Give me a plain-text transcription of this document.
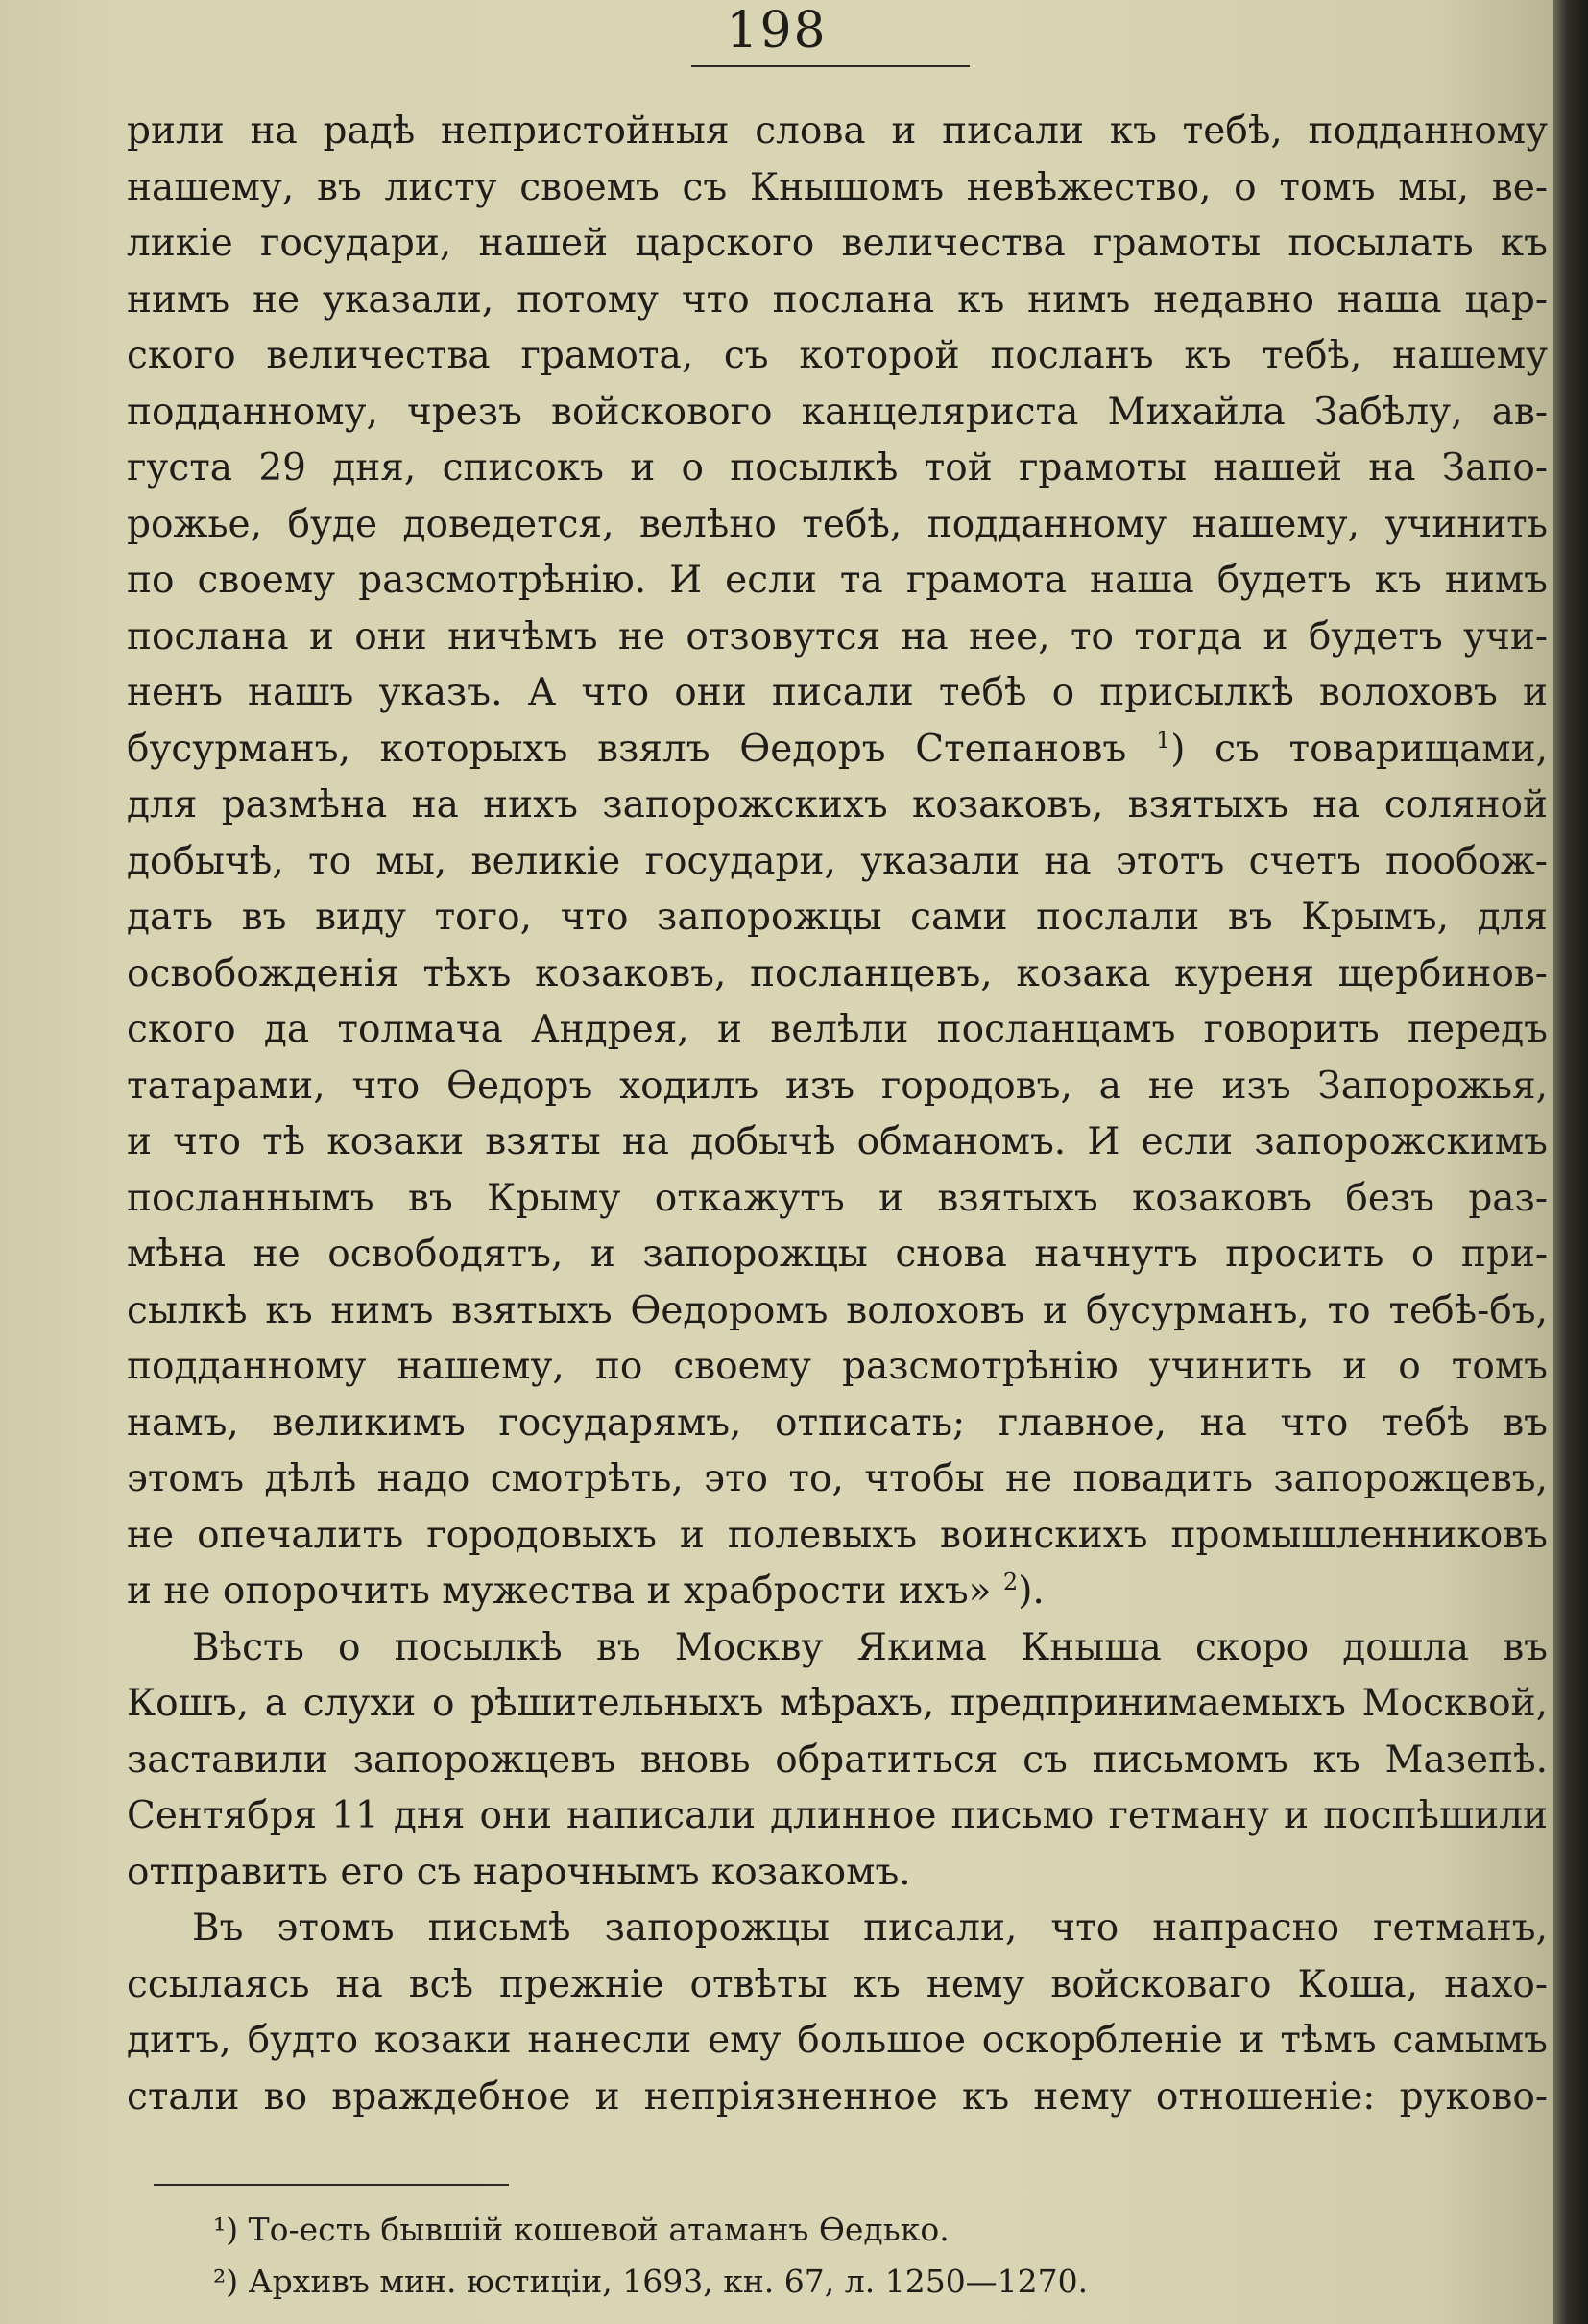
198
рили на радѣ непристойныя слова и писали къ тебѣ, подданному
нашему, въ листу своемъ съ Кнышомъ невѣжество, о томъ мы, ве-
ликіе государи, нашей царского величества грамоты посылать къ
нимъ не указали, потому что послана къ нимъ недавно наша цар-
ского величества грамота, съ которой посланъ къ тебѣ, нашему
подданному, чрезъ войскового канцеляриста Михайла Забѣлу, ав-
густа 29 дня, списокъ и о посылкѣ той грамоты нашей на Запо-
рожье, буде доведется, велѣно тебѣ, подданному нашему, учинить
по своему разсмотрѣнію. И если та грамота наша будетъ къ нимъ
послана и они ничѣмъ не отзовутся на нее, то тогда и будетъ учи-
ненъ нашъ указъ. А что они писали тебѣ о присылкѣ волоховъ и
бусурманъ, которыхъ взялъ Ѳедоръ Степановъ $^1$) съ товарищами,
для размѣна на нихъ запорожскихъ козаковъ, взятыхъ на соляной
добычѣ, то мы, великіе государи, указали на этотъ счетъ пообож-
дать въ виду того, что запорожцы сами послали въ Крымъ, для
освобожденія тѣхъ козаковъ, посланцевъ, козака куреня щербинов-
ского да толмача Андрея, и велѣли посланцамъ говорить передъ
татарами, что Ѳедоръ ходилъ изъ городовъ, а не изъ Запорожья,
и что тѣ козаки взяты на добычѣ обманомъ. И если запорожскимъ
посланнымъ въ Крыму откажутъ и взятыхъ козаковъ безъ раз-
мѣна не освободятъ, и запорожцы снова начнутъ просить о при-
сылкѣ къ нимъ взятыхъ Ѳедоромъ волоховъ и бусурманъ, то тебѣ-бъ,
подданному нашему, по своему разсмотрѣнію учинить и о томъ
намъ, великимъ государямъ, отписать; главное, на что тебѣ въ
этомъ дѣлѣ надо смотрѣть, это то, чтобы не повадить запорожцевъ,
не опечалить городовыхъ и полевыхъ воинскихъ промышленниковъ
и не опорочить мужества и храбрости ихъ» $^2$).
Вѣсть о посылкѣ въ Москву Якима Кныша скоро дошла въ
Кошъ, а слухи о рѣшительныхъ мѣрахъ, предпринимаемыхъ Москвой,
заставили запорожцевъ вновь обратиться съ письмомъ къ Мазепѣ.
Сентября 11 дня они написали длинное письмо гетману и поспѣшили
отправить его съ нарочнымъ козакомъ.
Въ этомъ письмѣ запорожцы писали, что напрасно гетманъ,
ссылаясь на всѣ прежніе отвѣты къ нему войсковаго Коша, нахо-
дитъ, будто козаки нанесли ему большое оскорбленіе и тѣмъ самымъ
стали во враждебное и непріязненное къ нему отношеніе: руково-
¹) То-есть бывшій кошевой атаманъ Ѳедько.
²) Архивъ мин. юстиціи, 1693, кн. 67, л. 1250—1270.
